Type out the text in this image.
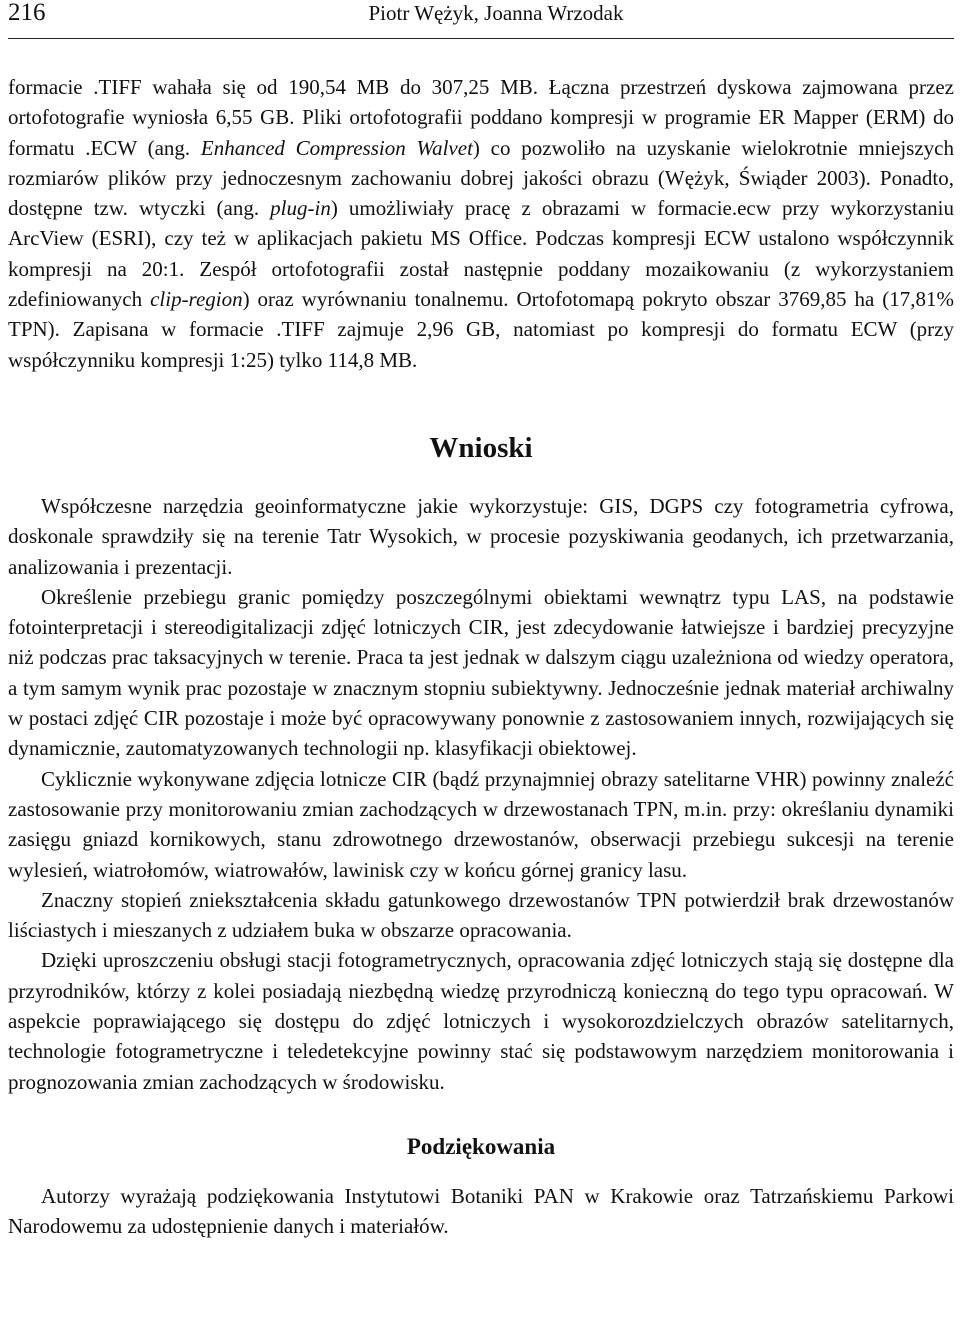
216	Piotr Wężyk, Joanna Wrzodak

formacie .TIFF wahała się od 190,54 MB do 307,25 MB. Łączna przestrzeń dyskowa zajmowana przez ortofotografie wyniosła 6,55 GB. Pliki ortofotografii poddano kompresji w programie ER Mapper (ERM) do formatu .ECW (ang. Enhanced Compression Walvet) co pozwoliło na uzyskanie wielokrotnie mniejszych rozmiarów plików przy jednoczesnym zachowaniu dobrej jakości obrazu (Wężyk, Świąder 2003). Ponadto, dostępne tzw. wtyczki (ang. plug-in) umożliwiały pracę z obrazami w formacie.ecw przy wykorzystaniu ArcView (ESRI), czy też w aplikacjach pakietu MS Office. Podczas kompresji ECW ustalono współczynnik kompresji na 20:1. Zespół ortofotografii został następnie poddany mozaikowaniu (z wykorzystaniem zdefiniowanych clip-region) oraz wyrównaniu tonalnemu. Ortofotomapą pokryto obszar 3769,85 ha (17,81% TPN). Zapisana w formacie .TIFF zajmuje 2,96 GB, natomiast po kompresji do formatu ECW (przy współczynniku kompresji 1:25) tylko 114,8 MB.

Wnioski

Współczesne narzędzia geoinformatyczne jakie wykorzystuje: GIS, DGPS czy fotogrametria cyfrowa, doskonale sprawdziły się na terenie Tatr Wysokich, w procesie pozyskiwania geodanych, ich przetwarzania, analizowania i prezentacji.

Określenie przebiegu granic pomiędzy poszczególnymi obiektami wewnątrz typu LAS, na podstawie fotointerpretacji i stereodigitalizacji zdjęć lotniczych CIR, jest zdecydowanie łatwiejsze i bardziej precyzyjne niż podczas prac taksacyjnych w terenie. Praca ta jest jednak w dalszym ciągu uzależniona od wiedzy operatora, a tym samym wynik prac pozostaje w znacznym stopniu subiektywny. Jednocześnie jednak materiał archiwalny w postaci zdjęć CIR pozostaje i może być opracowywany ponownie z zastosowaniem innych, rozwijających się dynamicznie, zautomatyzowanych technologii np. klasyfikacji obiektowej.

Cyklicznie wykonywane zdjęcia lotnicze CIR (bądź przynajmniej obrazy satelitarne VHR) powinny znaleźć zastosowanie przy monitorowaniu zmian zachodzących w drzewostanach TPN, m.in. przy: określaniu dynamiki zasięgu gniazd kornikowych, stanu zdrowotnego drzewostanów, obserwacji przebiegu sukcesji na terenie wylesień, wiatrołomów, wiatrowałów, lawinisk czy w końcu górnej granicy lasu.

Znaczny stopień zniekształcenia składu gatunkowego drzewostanów TPN potwierdził brak drzewostanów liściastych i mieszanych z udziałem buka w obszarze opracowania.

Dzięki uproszczeniu obsługi stacji fotogrametrycznych, opracowania zdjęć lotniczych stają się dostępne dla przyrodników, którzy z kolei posiadają niezbędną wiedzę przyrodniczą konieczną do tego typu opracowań. W aspekcie poprawiającego się dostępu do zdjęć lotniczych i wysokorozdzielczych obrazów satelitarnych, technologie fotogrametryczne i teledetekcyjne powinny stać się podstawowym narzędziem monitorowania i prognozowania zmian zachodzących w środowisku.

Podziękowania

Autorzy wyrażają podziękowania Instytutowi Botaniki PAN w Krakowie oraz Tatrzańskiemu Parkowi Narodowemu za udostępnienie danych i materiałów.
